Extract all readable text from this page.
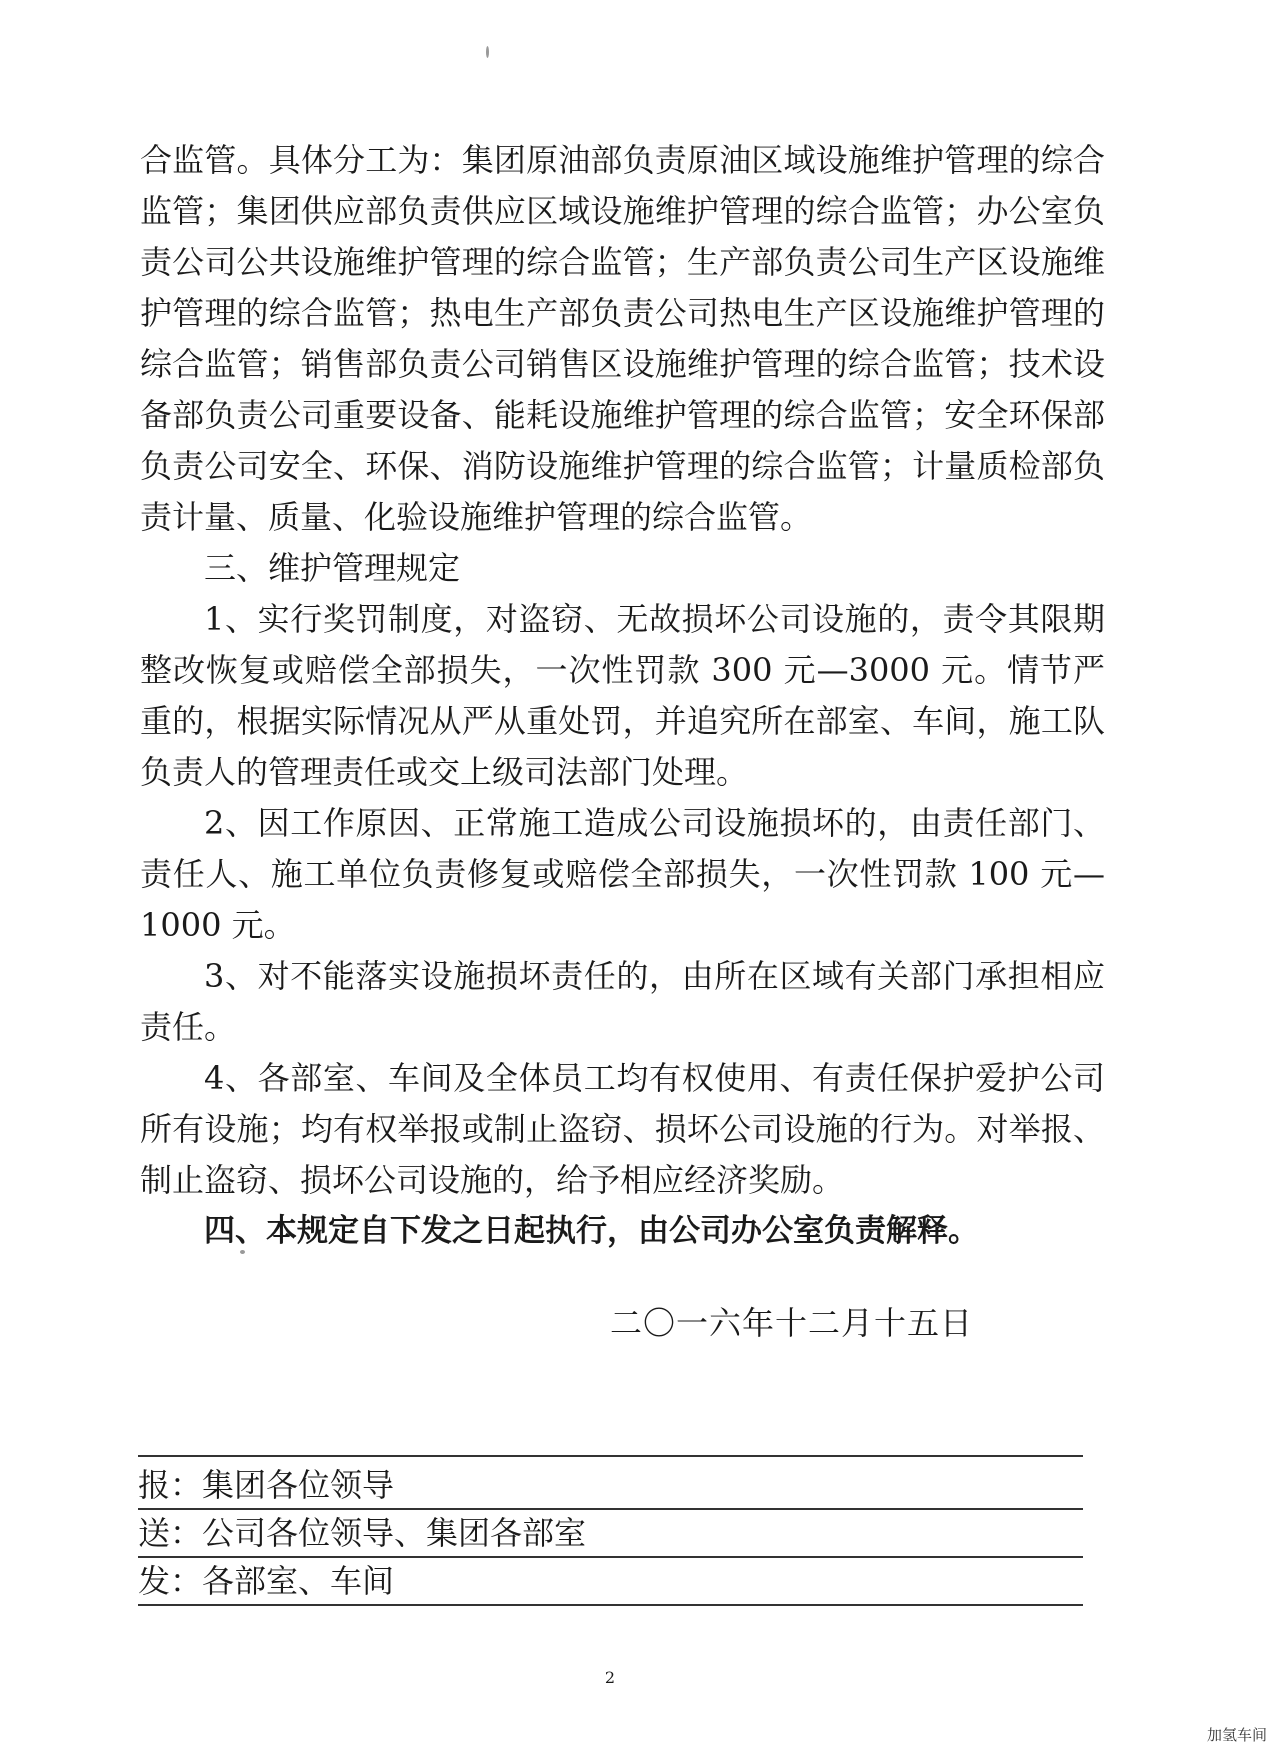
合监管。具体分工为：集团原油部负责原油区域设施维护管理的综合监管；集团供应部负责供应区域设施维护管理的综合监管；办公室负责公司公共设施维护管理的综合监管；生产部负责公司生产区设施维护管理的综合监管；热电生产部负责公司热电生产区设施维护管理的综合监管；销售部负责公司销售区设施维护管理的综合监管；技术设备部负责公司重要设备、能耗设施维护管理的综合监管；安全环保部负责公司安全、环保、消防设施维护管理的综合监管；计量质检部负责计量、质量、化验设施维护管理的综合监管。

三、维护管理规定

1、实行奖罚制度，对盗窃、无故损坏公司设施的，责令其限期整改恢复或赔偿全部损失，一次性罚款 300 元—3000 元。情节严重的，根据实际情况从严从重处罚，并追究所在部室、车间，施工队负责人的管理责任或交上级司法部门处理。

2、因工作原因、正常施工造成公司设施损坏的，由责任部门、责任人、施工单位负责修复或赔偿全部损失，一次性罚款 100 元—1000 元。

3、对不能落实设施损坏责任的，由所在区域有关部门承担相应责任。

4、各部室、车间及全体员工均有权使用、有责任保护爱护公司所有设施；均有权举报或制止盗窃、损坏公司设施的行为。对举报、制止盗窃、损坏公司设施的，给予相应经济奖励。

四、本规定自下发之日起执行，由公司办公室负责解释。

二〇一六年十二月十五日
报：集团各位领导
送：公司各位领导、集团各部室
发：各部室、车间
2
加氢车间
